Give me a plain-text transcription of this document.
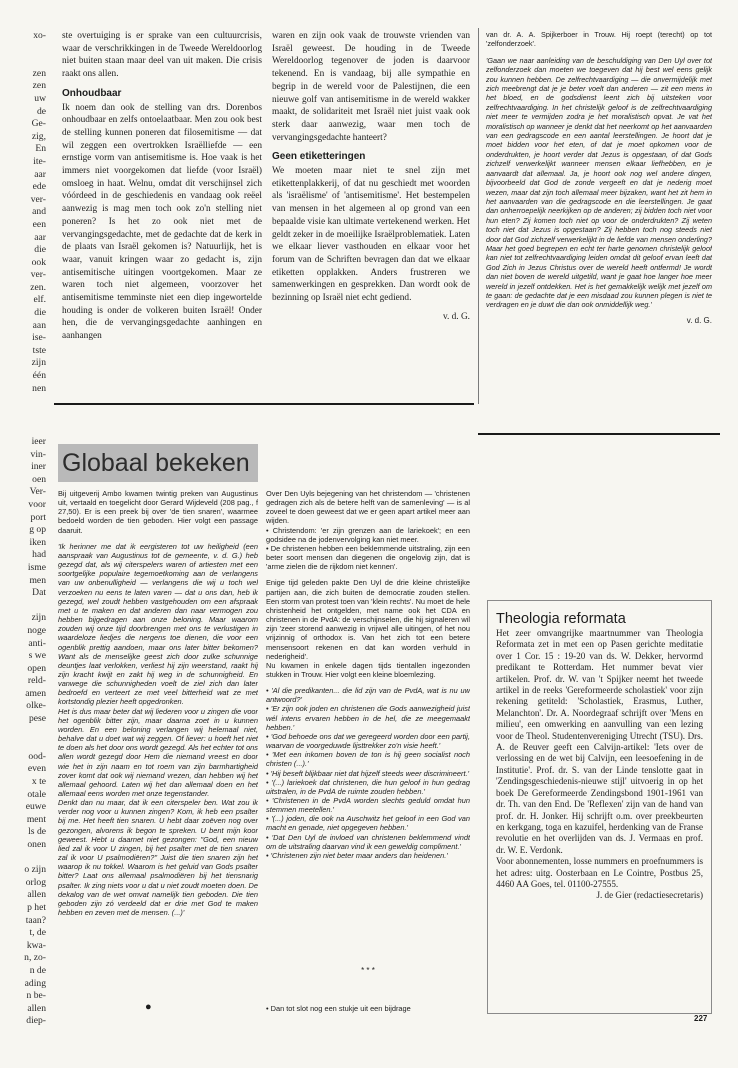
xo-

zen
zen
uw
de
Ge-
zig,
En
ite-
aar
ede
ver-
and
een
aar
die
ook
ver-
zen.
elf.
die
aan
ise-
tste
zijn
één
nen
ieer
vin-
iner
oen
Ver-
voor
port
g op
iken
had
isme
men
Dat

zijn
noge
anti-
s we
open
reld-
amen
olke-
pese

ood-
even
x te
otale
euwe
ment
ls de
onen

o zijn
orlog
allen
p het
taan?
t, de
kwa-
n, zo-
n de
ading
n be-
allen
diep-

ste overtuiging is er sprake van een cultuurcrisis, waar de verschrikkingen in de Tweede Wereldoorlog niet buiten staan maar deel van uit maken. Die crisis raakt ons allen.

Onhoudbaar

Ik noem dan ook de stelling van drs. Dorenbos onhoudbaar en zelfs ontoelaatbaar. Men zou ook best de stelling kunnen poneren dat filosemitisme — dat wil zeggen een overtrokken Israëlliefde — een ernstige vorm van antisemitisme is. Hoe vaak is het immers niet voorgekomen dat liefde (voor Israël) omsloeg in haat. Welnu, omdat dit verschijnsel zich vóórdeed in de geschiedenis en vandaag ook reëel aanwezig is mag men toch ook zo'n stelling niet poneren? Is het zo ook niet met de vervangingsgedachte, met de gedachte dat de kerk in de plaats van Israël gekomen is? Natuurlijk, het is waar, vanuit kringen waar zo gedacht is, zijn antisemitische uitingen voortgekomen. Maar ze waren toch niet algemeen, voorzover het antisemitisme temminste niet een diep ingewortelde houding is onder de volkeren buiten Israël! Onder hen, die de vervangingsgedachte aanhingen en aanhangen

waren en zijn ook vaak de trouwste vrienden van Israël geweest. De houding in de Tweede Wereldoorlog tegenover de joden is daarvoor tekenend. En is vandaag, bij alle sympathie en begrip in de wereld voor de Palestijnen, die een nieuwe golf van antisemitisme in de wereld wakker maakt, de solidariteit met Israël niet juist vaak ook sterk daar aanwezig, waar men toch de vervangingsgedachte hanteert?

Geen etiketteringen

We moeten maar niet te snel zijn met etikettenplakkerij, of dat nu geschiedt met woorden als 'israëlisme' of 'antisemitisme'. Het bestempelen van mensen in het algemeen al op grond van een bepaalde visie kan ultimate vertekenend werken. Het geldt zeker in de moeilijke Israëlproblematiek. Laten we elkaar liever vasthouden en elkaar voor het forum van de Schriften bevragen dan dat we elkaar etiketten opplakken. Anders frustreren we samenwerkingen en gesprekken. Dan wordt ook de bezinning op Israël niet echt gediend.

v. d. G.

van dr. A. A. Spijkerboer in Trouw. Hij roept (terecht) op tot 'zelfonderzoek'.

'Gaan we naar aanleiding van de beschuldiging van Den Uyl over tot zelfonderzoek dan moeten we toegeven dat hij best wel eens gelijk zou kunnen hebben. De zelfrechtvaardiging — die onvermijdelijk met zich meebrengt dat je je beter voelt dan anderen — zit een mens in het bloed, en de godsdienst leent zich bij uitsteken voor zelfrechtvaardiging. In het christelijk geloof is de zelfrechtvaardiging niet meer te vermijden zodra je het moralistisch opvat. Je vat het moralistisch op wanneer je denkt dat het neerkomt op het aanvaarden van een gedragscode en een aantal leerstellingen. Je hoort dat je moet bidden voor het eten, of dat je moet opkomen voor de onderdrukten, je hoort verder dat Jezus is opgestaan, of dat Gods zichzelf verwerkelijkt wanneer mensen elkaar liefhebben, en je aanvaardt dat allemaal. Ja, je hoort ook nog wel andere dingen, bijvoorbeeld dat God de zonde vergeeft en dat je nederig moet wezen, maar dat zijn toch allemaal meer bijzaken, want het zit hem in het aanvaarden van die gedragscode en die leerstellingen. Je gaat dan onherroepelijk neerkijken op de anderen; zij bidden toch niet voor hun eten? Zij komen toch niet op voor de onderdrukten? Zij weten toch niet dat Jezus is opgestaan? Zij hebben toch nog steeds niet door dat God zichzelf verwerkelijkt in de liefde van mensen onderling? Maar het goed begrepen en echt ter harte genomen christelijk geloof kan niet tot zelfrechtvaardiging leiden omdat dit geloof ervan leeft dat God Zich in Jezus Christus over de wereld heeft ontfermd! Je wordt dan niet boven de wereld uitgetild, want je gaat hoe langer hoe meer wereld in jezelf ontdekken. Het is het gemakkelijk welijk met jezelf om te gaan: de gedachte dat je een misdaad zou kunnen plegen is niet te verdragen en je duwt die dan ook onmiddellijk weg.'

v. d. G.
Globaal bekeken

Bij uitgeverij Ambo kwamen twintig preken van Augustinus uit, vertaald en toegelicht door Gerard Wijdeveld (208 pag., f 27,50). Er is een preek bij over 'de tien snaren', waarmee bedoeld worden de tien geboden. Hier volgt een passage daaruit.

'Ik herinner me dat ik eergisteren tot uw heiligheid (een aanspraak van Augustinus tot de gemeente, v. d. G.) heb gezegd dat, als wij citerspelers waren of artiesten met een soortgelijke populaire tegemoetkoming aan de verlangens van uw onbenulligheid — verlangens die wij u toch wel verzoeken nu eens te laten varen — dat u ons dan, heb ik gezegd, wel zoudt hebben vastgehouden om een afspraak met u te maken en dat anderen dan naar vermogen zou hebben bijgedragen aan onze beloning. Maar waarom zouden wij onze tijd doorbrengen met ons te verlustigen in waardeloze liedjes die nergens toe dienen, die voor een ogenblik prettig aandoen, maar ons later bitter bekomen? Want als de menselijke geest zich door zulke schunnige deuntjes laat verlokken, verliest hij zijn weerstand, raakt hij zijn kracht kwijt en zakt hij weg in de schunnigheid. En vanwege die schunnigheden voelt de ziel zich dan later bedroefd en verteert ze met veel bitterheid wat ze met kortstondig plezier heeft opgedronken.

Het is dus maar beter dat wij liederen voor u zingen die voor het ogenblik bitter zijn, maar daarna zoet in u kunnen worden. En een beloning verlangen wij helemaal niet, behalve dat u doet wat wij zeggen. Of liever: u hoeft het niet te doen als het door ons wordt gezegd. Als het echter tot ons allen wordt gezegd door Hem die niemand vreest en door wie het in zijn naam en tot roem van zijn barmhartigheid zover komt dat ook wij niemand vrezen, dan hebben wij het allemaal gehoord. Laten wij het dan allemaal doen en het allemaal eens worden met onze tegenstander.

Denkt dan nu maar, dat ik een citerspeler ben. Wat zou ik verder nog voor u kunnen zingen? Kom, ik heb een psalter bij me. Het heeft tien snaren. U hebt daar zoëven nog over gezongen, alvorens ik begon te spreken. U bent mijn koor geweest. Hebt u daarnet niet gezongen: "God, een nieuw lied zal ik voor U zingen, bij het psalter met de tien snaren zal ik voor U psalmodiëren?" Juist die tien snaren zijn het waarop ik nu tokkel. Waarom is het geluid van Gods psalter bitter? Laat ons allemaal psalmodiëren bij het tiensnarig psalter. Ik zing niets voor u dat u niet zoudt moeten doen. De dekalog van de wet omvat namelijk tien geboden. Die tien geboden zijn zó verdeeld dat er drie met God te maken hebben en zeven met de mensen. (...)'

Over Den Uyls bejegening van het christendom — 'christenen gedragen zich als de betere helft van de samenleving' — is al zoveel te doen geweest dat we er geen apart artikel meer aan wijden.

• Christendom: 'er zijn grenzen aan de lariekoek'; en een godsidee na de jodenvervolging kan niet meer.

• De christenen hebben een beklemmende uitstraling, zijn een beter soort mensen dan diegenen die ongelovig zijn, dat is 'arme zielen die de rijkdom niet kennen'.

Enige tijd geleden pakte Den Uyl de drie kleine christelijke partijen aan, die zich buiten de democratie zouden stellen. Een storm van protest toen van 'klein rechts'. Nu moet de hele christenheid het ontgelden, met name ook het CDA en christenen in de PvdA: de verschijnselen, die hij signaleren wil zijn 'zeer storend aanwezig in vrijwel alle uitingen, of het nou vrijzinnig of orthodox is. Van het zich tot een betere mensensoort rekenen en dat kan worden verhuld in nederigheid'.

Nu kwamen in enkele dagen tijds tientallen ingezonden stukken in Trouw. Hier volgt een kleine bloemlezing.

• 'Al die predikanten... die lid zijn van de PvdA, wat is nu uw antwoord?'

• 'Er zijn ook joden en christenen die Gods aanwezigheid juist wél intens ervaren hebben in de hel, die ze meegemaakt hebben.'

• 'God behoede ons dat we geregeerd worden door een partij, waarvan de voorgeduwde lijsttrekker zo'n visie heeft.'

• 'Met een inkomen boven de ton is hij geen socialist noch christen (...).'

• 'Hij beseft blijkbaar niet dat hijzelf steeds weer discrimineert.'

• '(...) lariekoek dat christenen, die hun geloof in hun gedrag uitstralen, in de PvdA de ruimte zouden hebben.'

• 'Christenen in de PvdA worden slechts geduld omdat hun stemmen meetellen.'

• '(...) joden, die ook na Auschwitz het geloof in een God van macht en genade, niet opgegeven hebben.'

• 'Dat Den Uyl de invloed van christenen beklemmend vindt om de uitstraling daarvan vind ik een geweldig compliment.'

• 'Christenen zijn niet beter maar anders dan heidenen.'

* * *
• Dan tot slot nog een stukje uit een bijdrage
●
Theologia reformata

Het zeer omvangrijke maartnummer van Theologia Reformata zet in met een op Pasen gerichte meditatie over 1 Cor. 15 : 19-20 van ds. W. Dekker, hervormd predikant te Rotterdam. Het nummer bevat vier artikelen. Prof. dr. W. van 't Spijker neemt het tweede artikel in de reeks 'Gereformeerde scholastiek' voor zijn rekening getiteld: 'Scholastiek, Erasmus, Luther, Melanchton'. Dr. A. Noordegraaf schrijft over 'Mens en milieu', een omwerking en aanvulling van een lezing voor de Theol. Studentenvereniging Utrecht (TSU). Drs. A. de Reuver geeft een Calvijn-artikel: 'Iets over de verlossing en de wet bij Calvijn, een leesoefening in de Institutie'. Prof. dr. S. van der Linde tenslotte gaat in 'Zendingsgeschiedenis-nieuwe stijl' uitvoerig in op het boek De Gereformeerde Zendingsbond 1901-1961 van dr. Th. van den End. De 'Reflexen' zijn van de hand van prof. dr. H. Jonker. Hij schrijft o.m. over preekbeurten en kerkgang, toga en kazuifel, herdenking van de Franse revolutie en het overlijden van ds. J. Vermaas en prof. dr. W. E. Verdonk.

Voor abonnementen, losse nummers en proefnummers is het adres: uitg. Oosterbaan en Le Cointre, Postbus 25, 4460 AA Goes, tel. 01100-27555.

J. de Gier (redactiesecretaris)
227
